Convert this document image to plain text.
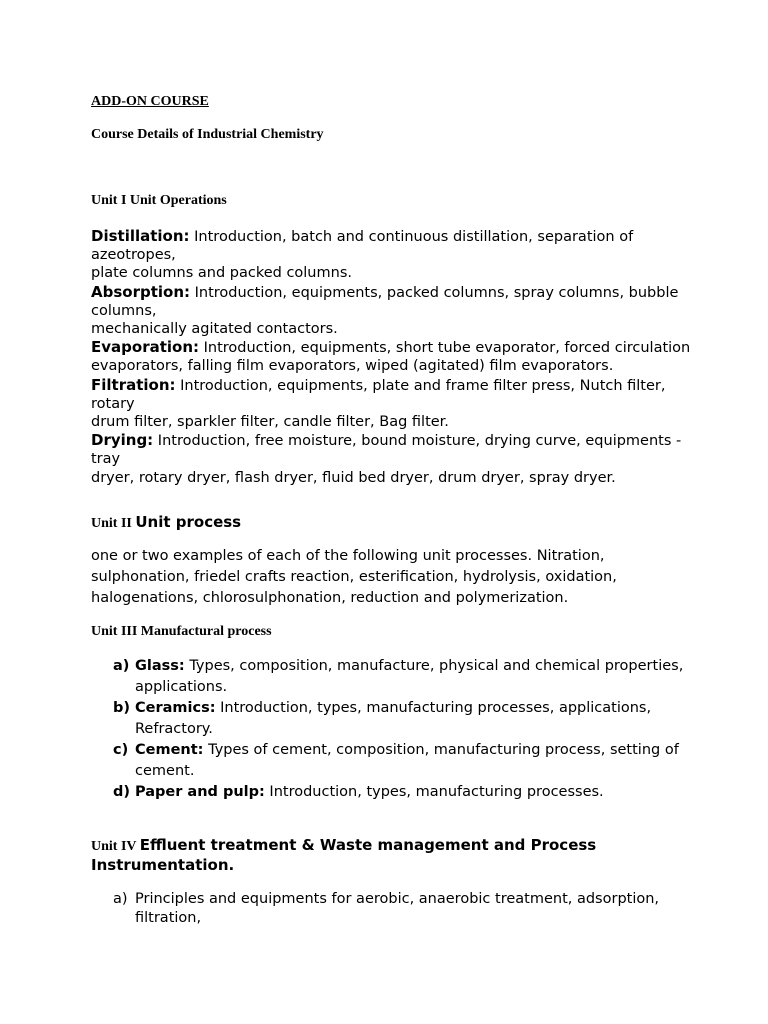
ADD-ON COURSE
Course Details of Industrial Chemistry
Unit I Unit Operations
Distillation: Introduction, batch and continuous distillation, separation of azeotropes,
plate columns and packed columns.
Absorption: Introduction, equipments, packed columns, spray columns, bubble columns,
mechanically agitated contactors.
Evaporation: Introduction, equipments, short tube evaporator, forced circulation
evaporators, falling film evaporators, wiped (agitated) film evaporators.
Filtration: Introduction, equipments, plate and frame filter press, Nutch filter, rotary
drum filter, sparkler filter, candle filter, Bag filter.
Drying: Introduction, free moisture, bound moisture, drying curve, equipments - tray
dryer, rotary dryer, flash dryer, fluid bed dryer, drum dryer, spray dryer.
Unit II Unit process
one or two examples of each of the following unit processes. Nitration, sulphonation, friedel crafts reaction, esterification, hydrolysis, oxidation, halogenations, chlorosulphonation, reduction and polymerization.
Unit III Manufactural process
a) Glass: Types, composition, manufacture, physical and chemical properties, applications.
b) Ceramics: Introduction, types, manufacturing processes, applications, Refractory.
c) Cement: Types of cement, composition, manufacturing process, setting of cement.
d) Paper and pulp: Introduction, types, manufacturing processes.
Unit IV Effluent treatment & Waste management and Process Instrumentation.
a) Principles and equipments for aerobic, anaerobic treatment, adsorption, filtration,
